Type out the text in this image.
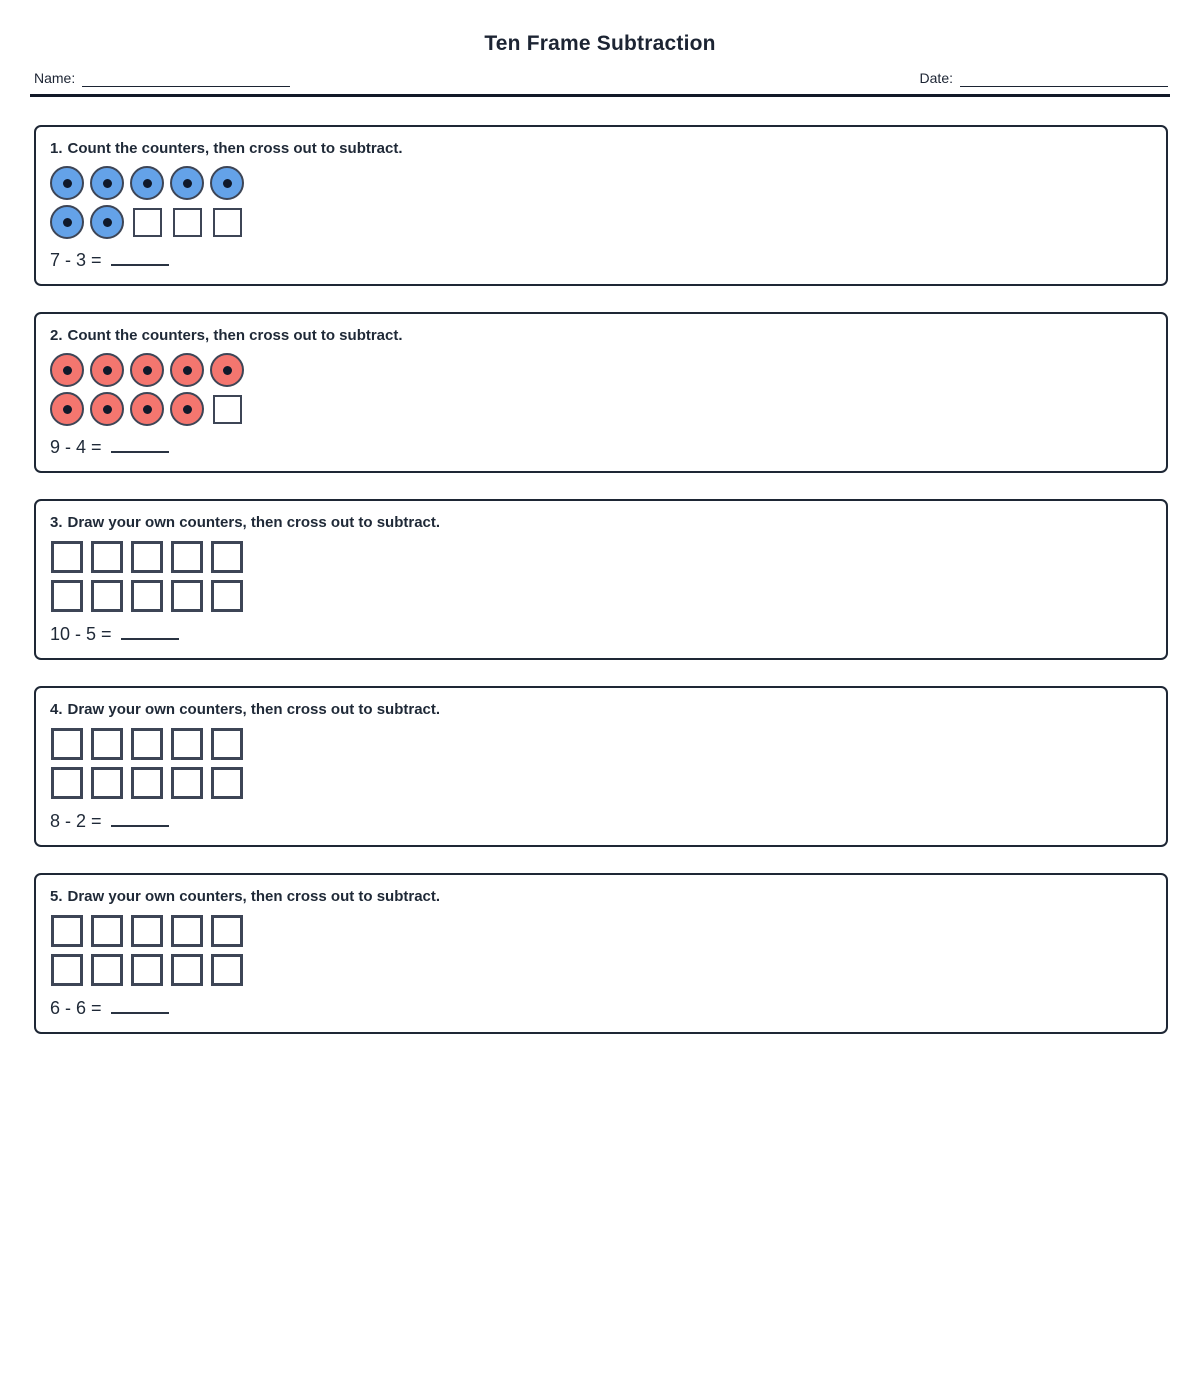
Ten Frame Subtraction
Name:	Date:
1. Count the counters, then cross out to subtract.
7 - 3 =
2. Count the counters, then cross out to subtract.
9 - 4 =
3. Draw your own counters, then cross out to subtract.
10 - 5 =
4. Draw your own counters, then cross out to subtract.
8 - 2 =
5. Draw your own counters, then cross out to subtract.
6 - 6 =
